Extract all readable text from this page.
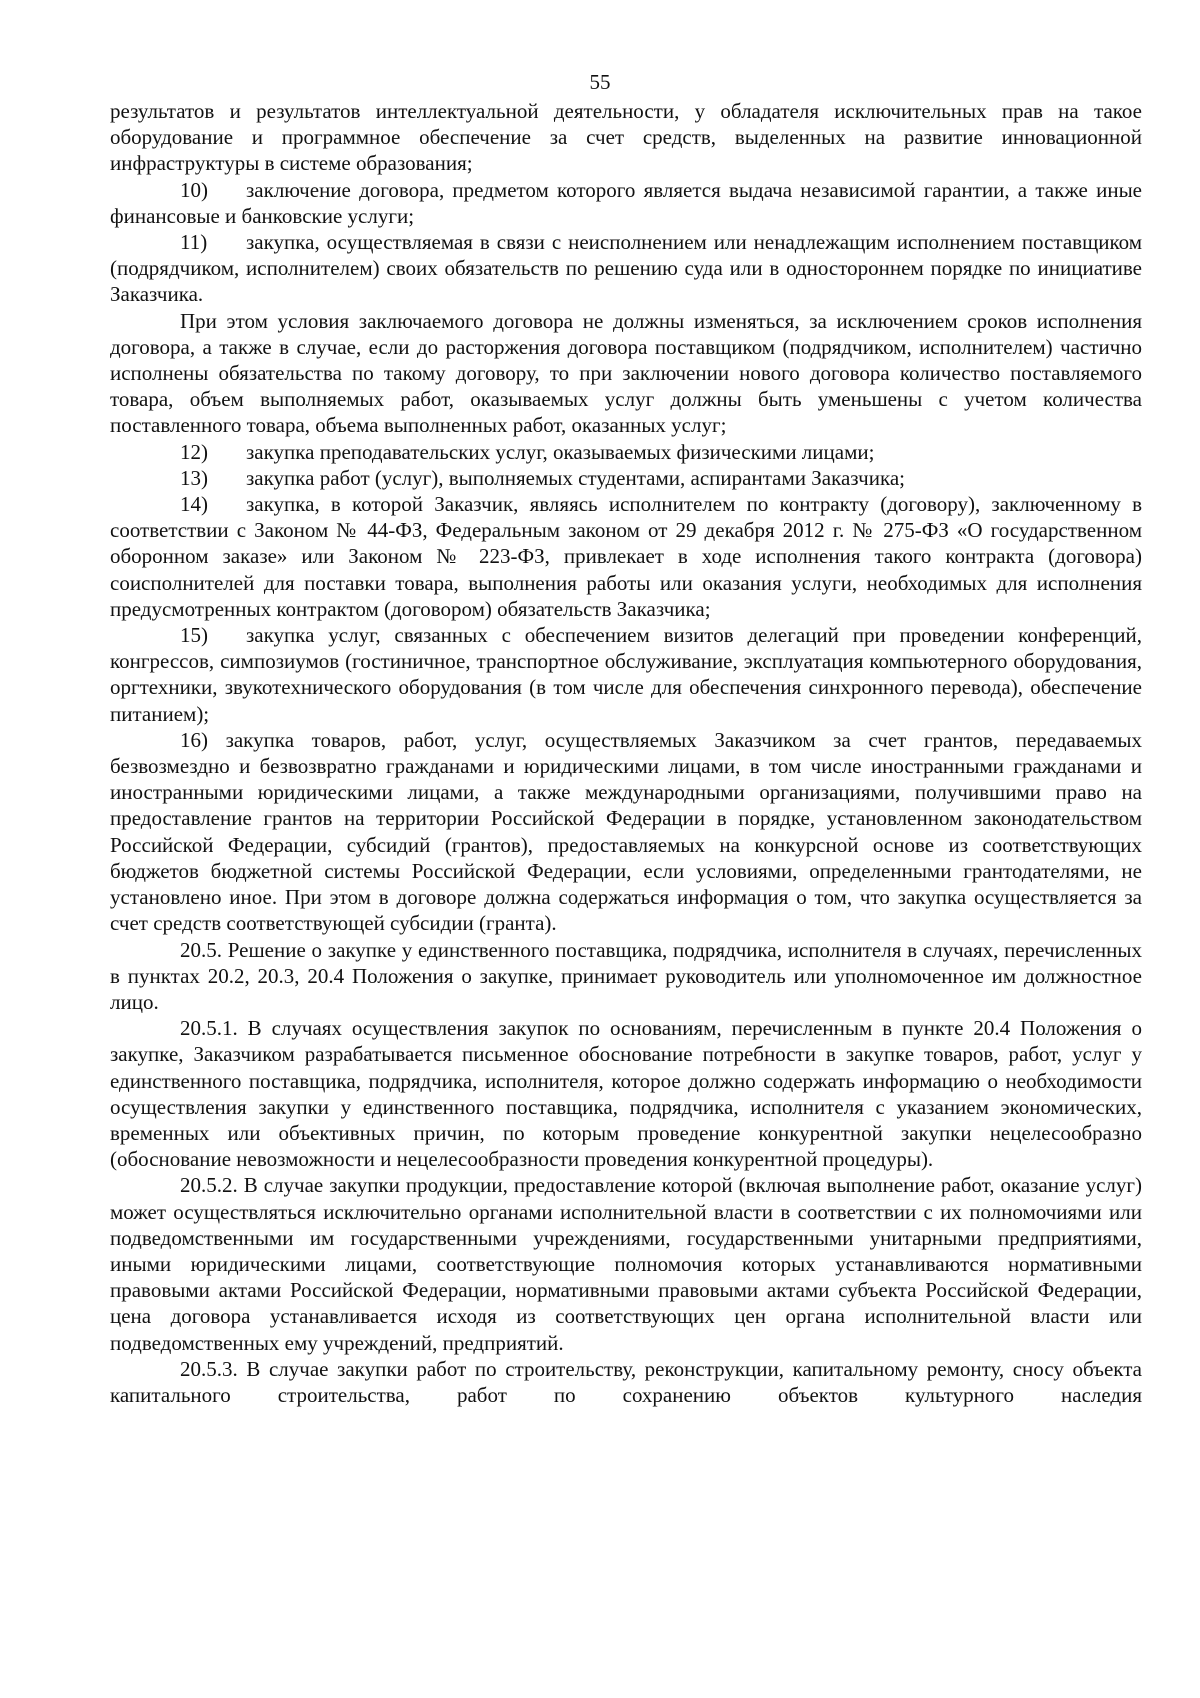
55

результатов и результатов интеллектуальной деятельности, у обладателя исключительных прав на такое оборудование и программное обеспечение за счет средств, выделенных на развитие инновационной инфраструктуры в системе образования;

10) заключение договора, предметом которого является выдача независимой гарантии, а также иные финансовые и банковские услуги;

11) закупка, осуществляемая в связи с неисполнением или ненадлежащим исполнением поставщиком (подрядчиком, исполнителем) своих обязательств по решению суда или в одностороннем порядке по инициативе Заказчика.

При этом условия заключаемого договора не должны изменяться, за исключением сроков исполнения договора, а также в случае, если до расторжения договора поставщиком (подрядчиком, исполнителем) частично исполнены обязательства по такому договору, то при заключении нового договора количество поставляемого товара, объем выполняемых работ, оказываемых услуг должны быть уменьшены с учетом количества поставленного товара, объема выполненных работ, оказанных услуг;

12) закупка преподавательских услуг, оказываемых физическими лицами;

13) закупка работ (услуг), выполняемых студентами, аспирантами Заказчика;

14) закупка, в которой Заказчик, являясь исполнителем по контракту (договору), заключенному в соответствии с Законом № 44-ФЗ, Федеральным законом от 29 декабря 2012 г. № 275-ФЗ «О государственном оборонном заказе» или Законом № 223-ФЗ, привлекает в ходе исполнения такого контракта (договора) соисполнителей для поставки товара, выполнения работы или оказания услуги, необходимых для исполнения предусмотренных контрактом (договором) обязательств Заказчика;

15) закупка услуг, связанных с обеспечением визитов делегаций при проведении конференций, конгрессов, симпозиумов (гостиничное, транспортное обслуживание, эксплуатация компьютерного оборудования, оргтехники, звукотехнического оборудования (в том числе для обеспечения синхронного перевода), обеспечение питанием);

16) закупка товаров, работ, услуг, осуществляемых Заказчиком за счет грантов, передаваемых безвозмездно и безвозвратно гражданами и юридическими лицами, в том числе иностранными гражданами и иностранными юридическими лицами, а также международными организациями, получившими право на предоставление грантов на территории Российской Федерации в порядке, установленном законодательством Российской Федерации, субсидий (грантов), предоставляемых на конкурсной основе из соответствующих бюджетов бюджетной системы Российской Федерации, если условиями, определенными грантодателями, не установлено иное. При этом в договоре должна содержаться информация о том, что закупка осуществляется за счет средств соответствующей субсидии (гранта).

20.5. Решение о закупке у единственного поставщика, подрядчика, исполнителя в случаях, перечисленных в пунктах 20.2, 20.3, 20.4 Положения о закупке, принимает руководитель или уполномоченное им должностное лицо.

20.5.1. В случаях осуществления закупок по основаниям, перечисленным в пункте 20.4 Положения о закупке, Заказчиком разрабатывается письменное обоснование потребности в закупке товаров, работ, услуг у единственного поставщика, подрядчика, исполнителя, которое должно содержать информацию о необходимости осуществления закупки у единственного поставщика, подрядчика, исполнителя с указанием экономических, временных или объективных причин, по которым проведение конкурентной закупки нецелесообразно (обоснование невозможности и нецелесообразности проведения конкурентной процедуры).

20.5.2. В случае закупки продукции, предоставление которой (включая выполнение работ, оказание услуг) может осуществляться исключительно органами исполнительной власти в соответствии с их полномочиями или подведомственными им государственными учреждениями, государственными унитарными предприятиями, иными юридическими лицами, соответствующие полномочия которых устанавливаются нормативными правовыми актами Российской Федерации, нормативными правовыми актами субъекта Российской Федерации, цена договора устанавливается исходя из соответствующих цен органа исполнительной власти или подведомственных ему учреждений, предприятий.

20.5.3. В случае закупки работ по строительству, реконструкции, капитальному ремонту, сносу объекта капитального строительства, работ по сохранению объектов культурного наследия
